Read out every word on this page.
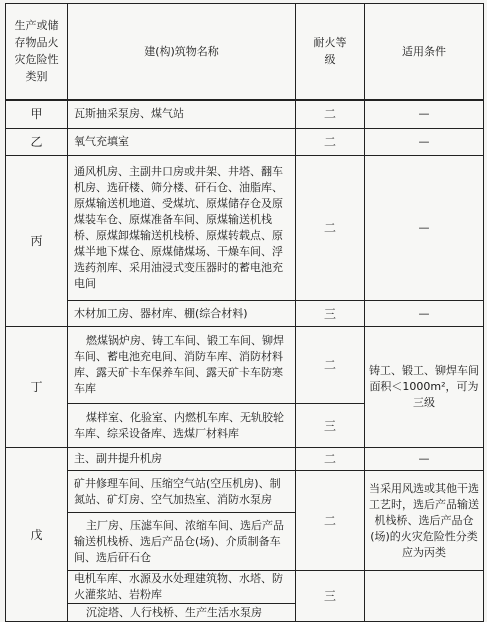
生产或储存物品火灾危险性类别	建(构)筑物名称	耐火等级	适用条件
甲	瓦斯抽采泵房、煤气站	二	—
乙	氧气充填室	二	—
丙	通风机房、主副井口房或井架、井塔、翻车机房、选矸楼、筛分楼、矸石仓、油脂库、原煤输送机地道、受煤坑、原煤储存仓及原煤装车仓、原煤准备车间、原煤输送机栈桥、原煤卸煤输送机栈桥、原煤转载点、原煤半地下煤仓、原煤储煤场、干燥车间、浮选药剂库、采用油浸式变压器时的蓄电池充电间	二	—
	木材加工房、器材库、棚(综合材料)	三	—
丁	燃煤锅炉房、铸工车间、锻工车间、铆焊车间、蓄电池充电间、消防车库、消防材料库、露天矿卡车保养车间、露天矿卡车防寒车库	二	铸工、锻工、铆焊车间面积＜1000m²，可为三级
	煤样室、化验室、内燃机车库、无轨胶轮车库、综采设备库、选煤厂材料库	三	
戊	主、副井提升机房	二	—
	矿井修理车间、压缩空气站(空压机房)、制氮站、矿灯房、空气加热室、消防水泵房	二	当采用风选或其他干选工艺时，选后产品输送机栈桥、选后产品仓(场)的火灾危险性分类应为丙类
	主厂房、压滤车间、浓缩车间、选后产品输送机栈桥、选后产品仓(场)、介质制备车间、选后矸石仓		
	电机车库、水源及水处理建筑物、水塔、防火灌浆站、岩粉库	三	
	沉淀塔、人行栈桥、生产生活水泵房		
